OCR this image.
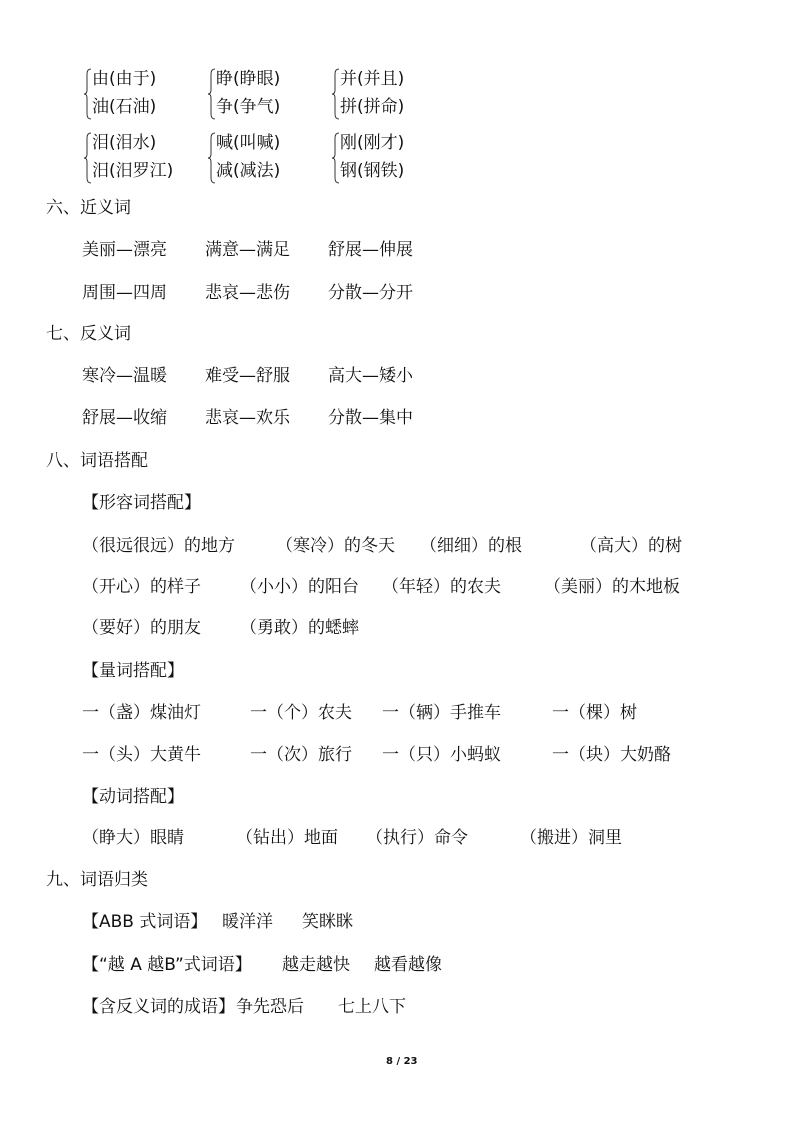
由(由于)
油(石油)
睁(睁眼)
争(争气)
并(并且)
拼(拼命)
泪(泪水)
汨(汨罗江)
喊(叫喊)
减(减法)
刚(刚才)
钢(钢铁)
六、近义词
美丽—漂亮 满意—满足 舒展—伸展
周围—四周 悲哀—悲伤 分散—分开
七、反义词
寒冷—温暖 难受—舒服 高大—矮小
舒展—收缩 悲哀—欢乐 分散—集中
八、词语搭配
【形容词搭配】
（很远很远）的地方 （寒冷）的冬天 （细细）的根	（高大）的树
（开心）的样子 （小小）的阳台 （年轻）的农夫	（美丽）的木地板
（要好）的朋友 （勇敢）的蟋蟀
【量词搭配】
一（盏）煤油灯	一（个）农夫 一（辆）手推车	一（棵）树
一（头）大黄牛	一（次）旅行 一（只）小蚂蚁	一（块）大奶酪
【动词搭配】
（睁大）眼睛	（钻出）地面 （执行）命令	（搬进）洞里
九、词语归类
【ABB 式词语】 暖洋洋 笑眯眯
【“越 A 越B”式词语】 越走越快 越看越像
【含反义词的成语】 争先恐后 七上八下
8 / 23
